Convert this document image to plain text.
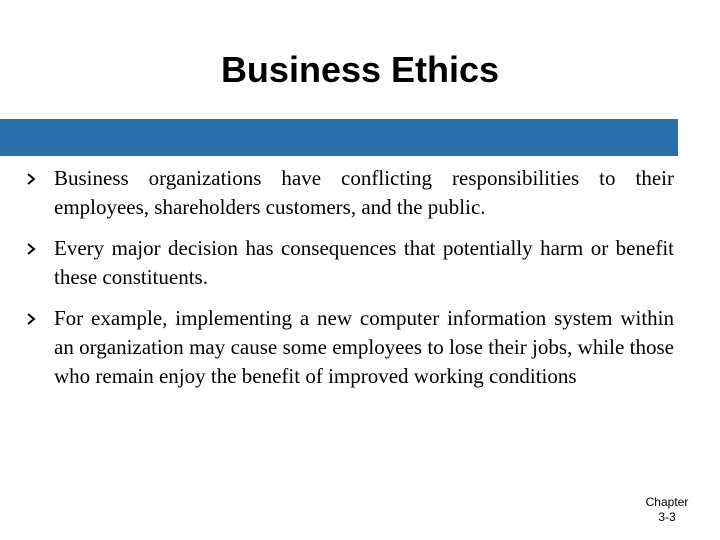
Business Ethics
Business organizations have conflicting responsibilities to their employees, shareholders customers, and the public.
Every major decision has consequences that potentially harm or benefit these constituents.
For example, implementing a new computer information system within an organization may cause some employees to lose their jobs, while those who remain enjoy the benefit of improved working conditions
Chapter
3-3
